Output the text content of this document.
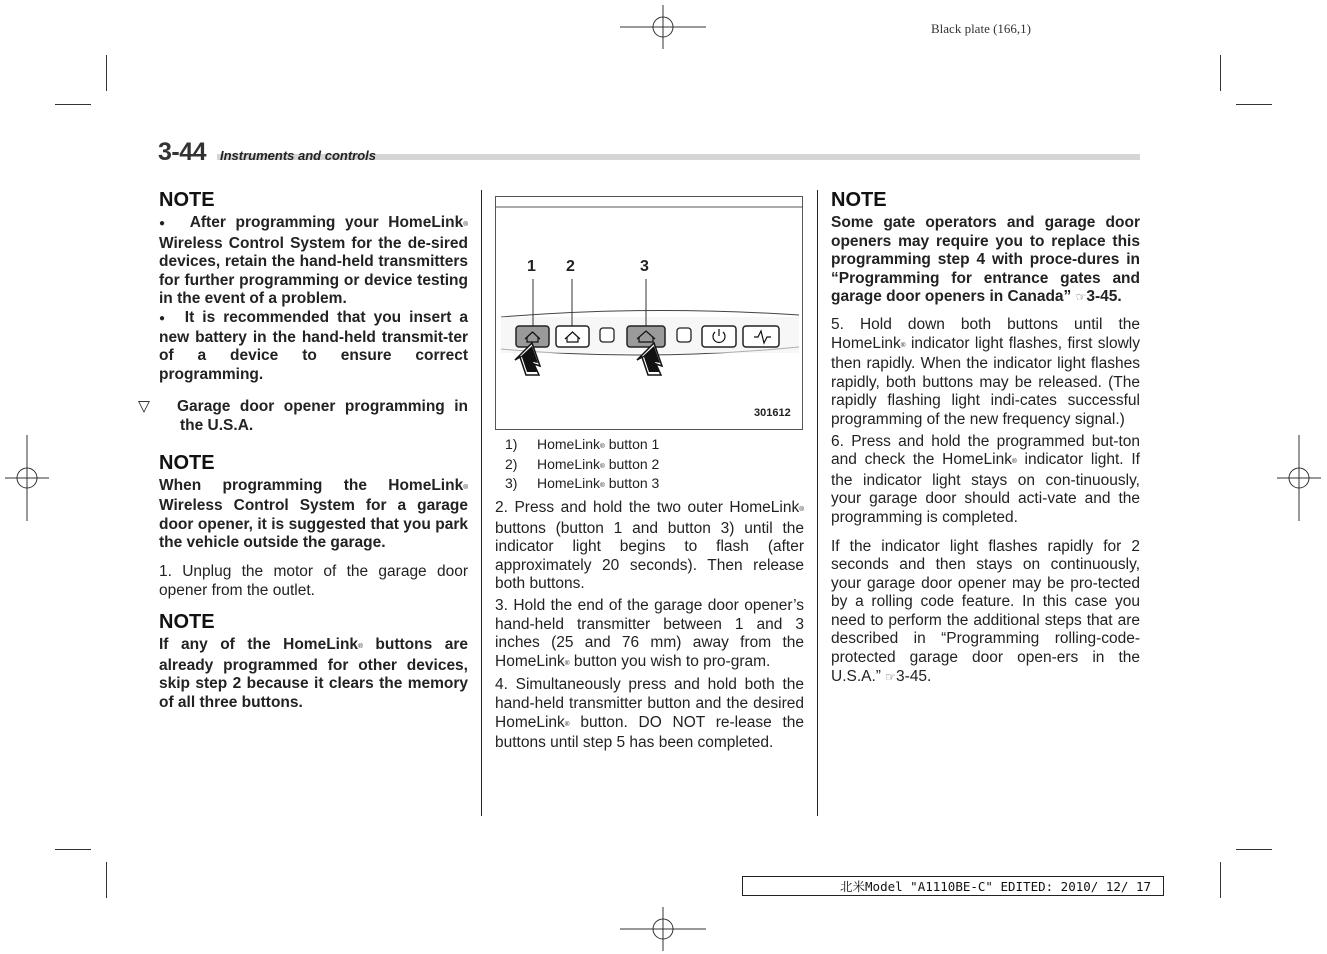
Black plate (166,1)
3-44 Instruments and controls
NOTE

● After programming your HomeLink® Wireless Control System for the de-sired devices, retain the hand-held transmitters for further programming or device testing in the event of a problem.

● It is recommended that you insert a new battery in the hand-held transmit-ter of a device to ensure correct programming.

▽ Garage door opener programming in the U.S.A.

NOTE

When programming the HomeLink® Wireless Control System for a garage door opener, it is suggested that you park the vehicle outside the garage.

1. Unplug the motor of the garage door opener from the outlet.

NOTE

If any of the HomeLink® buttons are already programmed for other devices, skip step 2 because it clears the memory of all three buttons.

1 2	3
301612

1) HomeLink® button 1

2) HomeLink® button 2

3) HomeLink® button 3

2. Press and hold the two outer HomeLink® buttons (button 1 and button 3) until the indicator light begins to flash (after approximately 20 seconds). Then release both buttons.

3. Hold the end of the garage door opener’s hand-held transmitter between 1 and 3 inches (25 and 76 mm) away from the HomeLink® button you wish to pro-gram.

4. Simultaneously press and hold both the hand-held transmitter button and the desired HomeLink® button. DO NOT re-lease the buttons until step 5 has been completed.

NOTE

Some gate operators and garage door openers may require you to replace this programming step 4 with proce-dures in “Programming for entrance gates and garage door openers in Canada” ☞3-45.

5. Hold down both buttons until the HomeLink® indicator light flashes, first slowly then rapidly. When the indicator light flashes rapidly, both buttons may be released. (The rapidly flashing light indi-cates successful programming of the new frequency signal.)

6. Press and hold the programmed but-ton and check the HomeLink® indicator light. If the indicator light stays on con-tinuously, your garage door should acti-vate and the programming is completed.

If the indicator light flashes rapidly for 2 seconds and then stays on continuously, your garage door opener may be pro-tected by a rolling code feature. In this case you need to perform the additional steps that are described in “Programming rolling-code-protected garage door open-ers in the U.S.A.” ☞3-45.

北米Model "A1110BE-C" EDITED: 2010/ 12/ 17
